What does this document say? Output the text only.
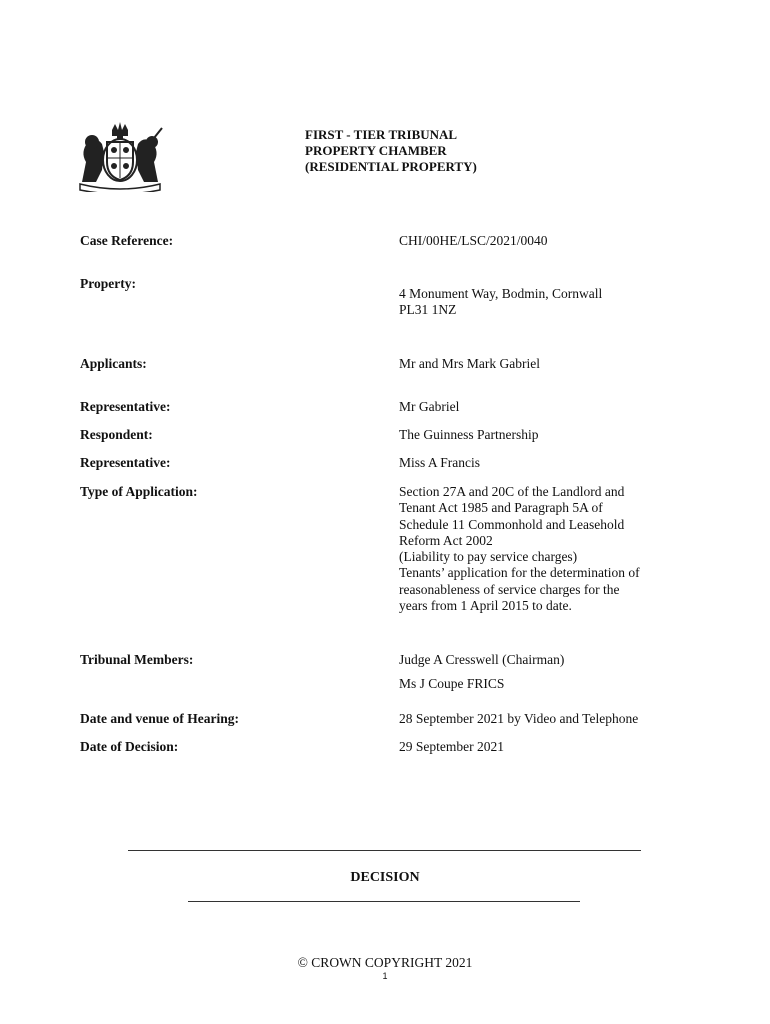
FIRST - TIER TRIBUNAL
PROPERTY CHAMBER
(RESIDENTIAL PROPERTY)
Case Reference:	CHI/00HE/LSC/2021/0040
Property:
4 Monument Way, Bodmin, Cornwall
PL31 1NZ
Applicants:	Mr and Mrs Mark Gabriel
Representative:	Mr Gabriel
Respondent:	The Guinness Partnership
Representative:	Miss A Francis
Type of Application:	Section 27A and 20C of the Landlord and
Tenant Act 1985 and Paragraph 5A of
Schedule 11 Commonhold and Leasehold
Reform Act 2002
(Liability to pay service charges)
Tenants’ application for the determination of
reasonableness of service charges for the
years from 1 April 2015 to date.
Tribunal Members:	Judge A Cresswell (Chairman)
Ms J Coupe FRICS
Date and venue of Hearing:	28 September 2021 by Video and Telephone
Date of Decision:	29 September 2021
DECISION
© CROWN COPYRIGHT 2021
1
